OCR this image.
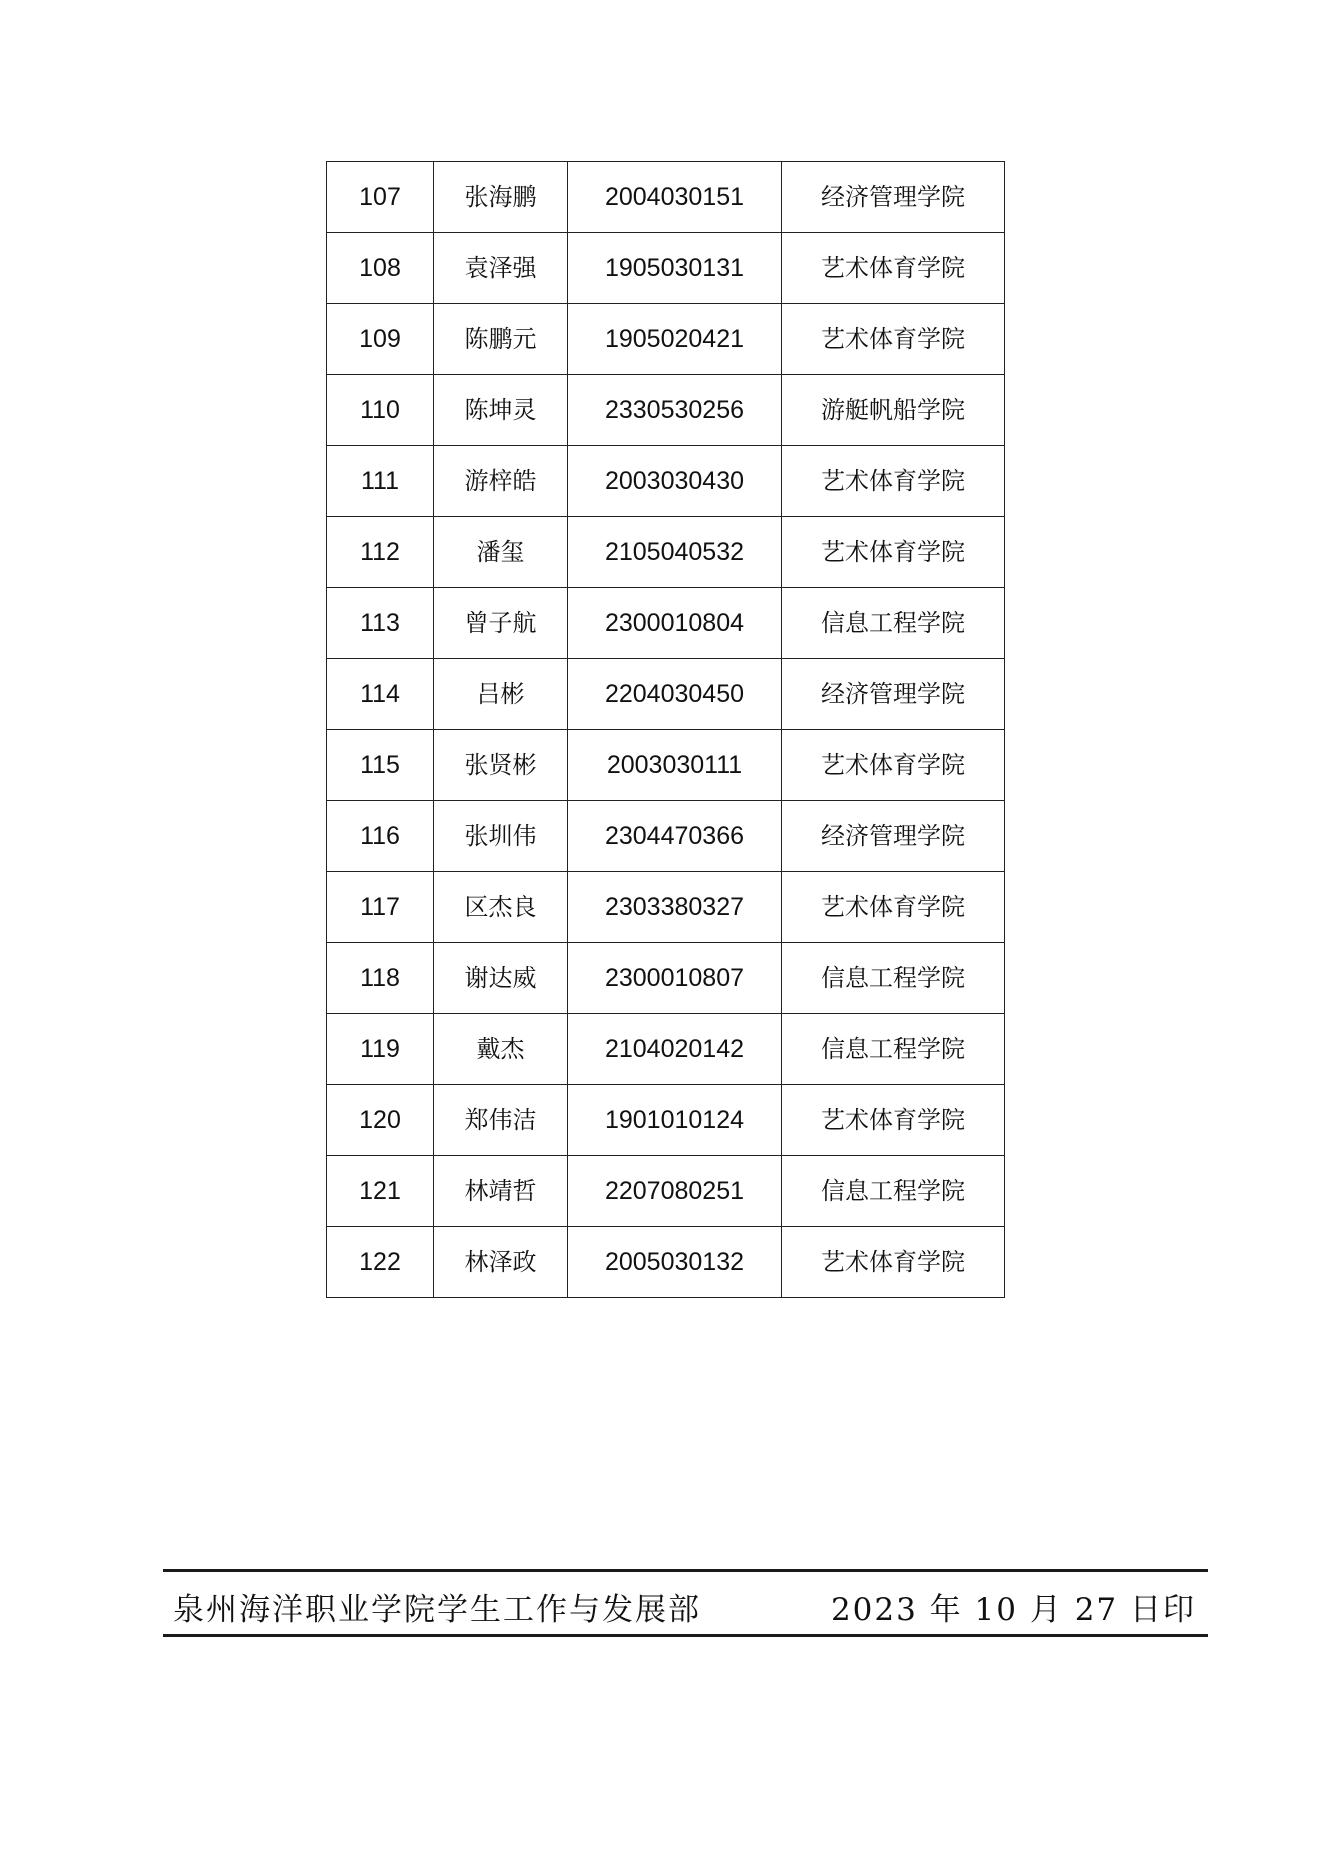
107	张海鹏	2004030151	经济管理学院
108	袁泽强	1905030131	艺术体育学院
109	陈鹏元	1905020421	艺术体育学院
110	陈坤灵	2330530256	游艇帆船学院
111	游梓皓	2003030430	艺术体育学院
112	潘玺	2105040532	艺术体育学院
113	曾子航	2300010804	信息工程学院
114	吕彬	2204030450	经济管理学院
115	张贤彬	2003030111	艺术体育学院
116	张圳伟	2304470366	经济管理学院
117	区杰良	2303380327	艺术体育学院
118	谢达威	2300010807	信息工程学院
119	戴杰	2104020142	信息工程学院
120	郑伟洁	1901010124	艺术体育学院
121	林靖哲	2207080251	信息工程学院
122	林泽政	2005030132	艺术体育学院
泉州海洋职业学院学生工作与发展部	2023 年 10 月 27 日印
